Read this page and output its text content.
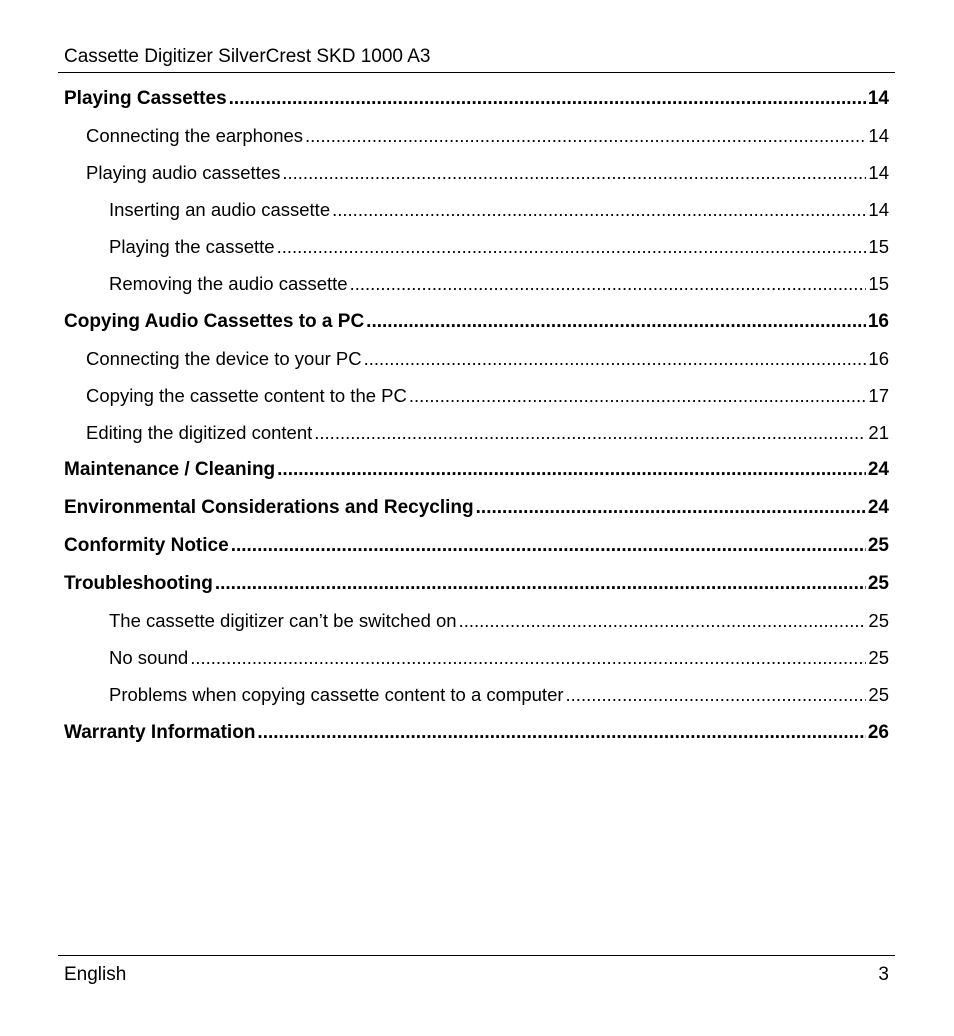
Cassette Digitizer SilverCrest SKD 1000 A3
Playing Cassettes .....	14
Connecting the earphones .....	14
Playing audio cassettes .....	14
Inserting an audio cassette .....	14
Playing the cassette .....	15
Removing the audio cassette .....	15
Copying Audio Cassettes to a PC .....	16
Connecting the device to your PC .....	16
Copying the cassette content to the PC .....	17
Editing the digitized content .....	21
Maintenance / Cleaning .....	24
Environmental Considerations and Recycling .....	24
Conformity Notice .....	25
Troubleshooting .....	25
The cassette digitizer can’t be switched on .....	25
No sound .....	25
Problems when copying cassette content to a computer .....	25
Warranty Information .....	26
English	3
